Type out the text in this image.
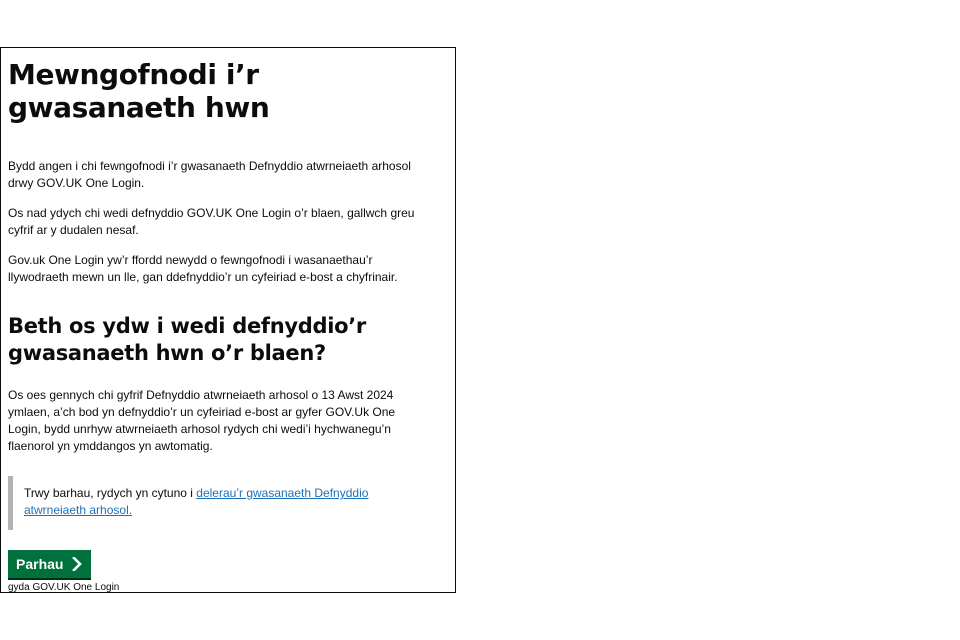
Mewngofnodi i’r gwasanaeth hwn

Bydd angen i chi fewngofnodi i’r gwasanaeth Defnyddio atwrneiaeth arhosol drwy GOV.UK One Login.

Os nad ydych chi wedi defnyddio GOV.UK One Login o’r blaen, gallwch greu cyfrif ar y dudalen nesaf.

Gov.uk One Login yw’r ffordd newydd o fewngofnodi i wasanaethau’r llywodraeth mewn un lle, gan ddefnyddio’r un cyfeiriad e-bost a chyfrinair.

Beth os ydw i wedi defnyddio’r gwasanaeth hwn o’r blaen?

Os oes gennych chi gyfrif Defnyddio atwrneiaeth arhosol o 13 Awst 2024 ymlaen, a’ch bod yn defnyddio’r un cyfeiriad e-bost ar gyfer GOV.Uk One Login, bydd unrhyw atwrneiaeth arhosol rydych chi wedi’i hychwanegu’n flaenorol yn ymddangos yn awtomatig.

Trwy barhau, rydych yn cytuno i delerau’r gwasanaeth Defnyddio atwrneiaeth arhosol.
Parhau
gyda GOV.UK One Login
